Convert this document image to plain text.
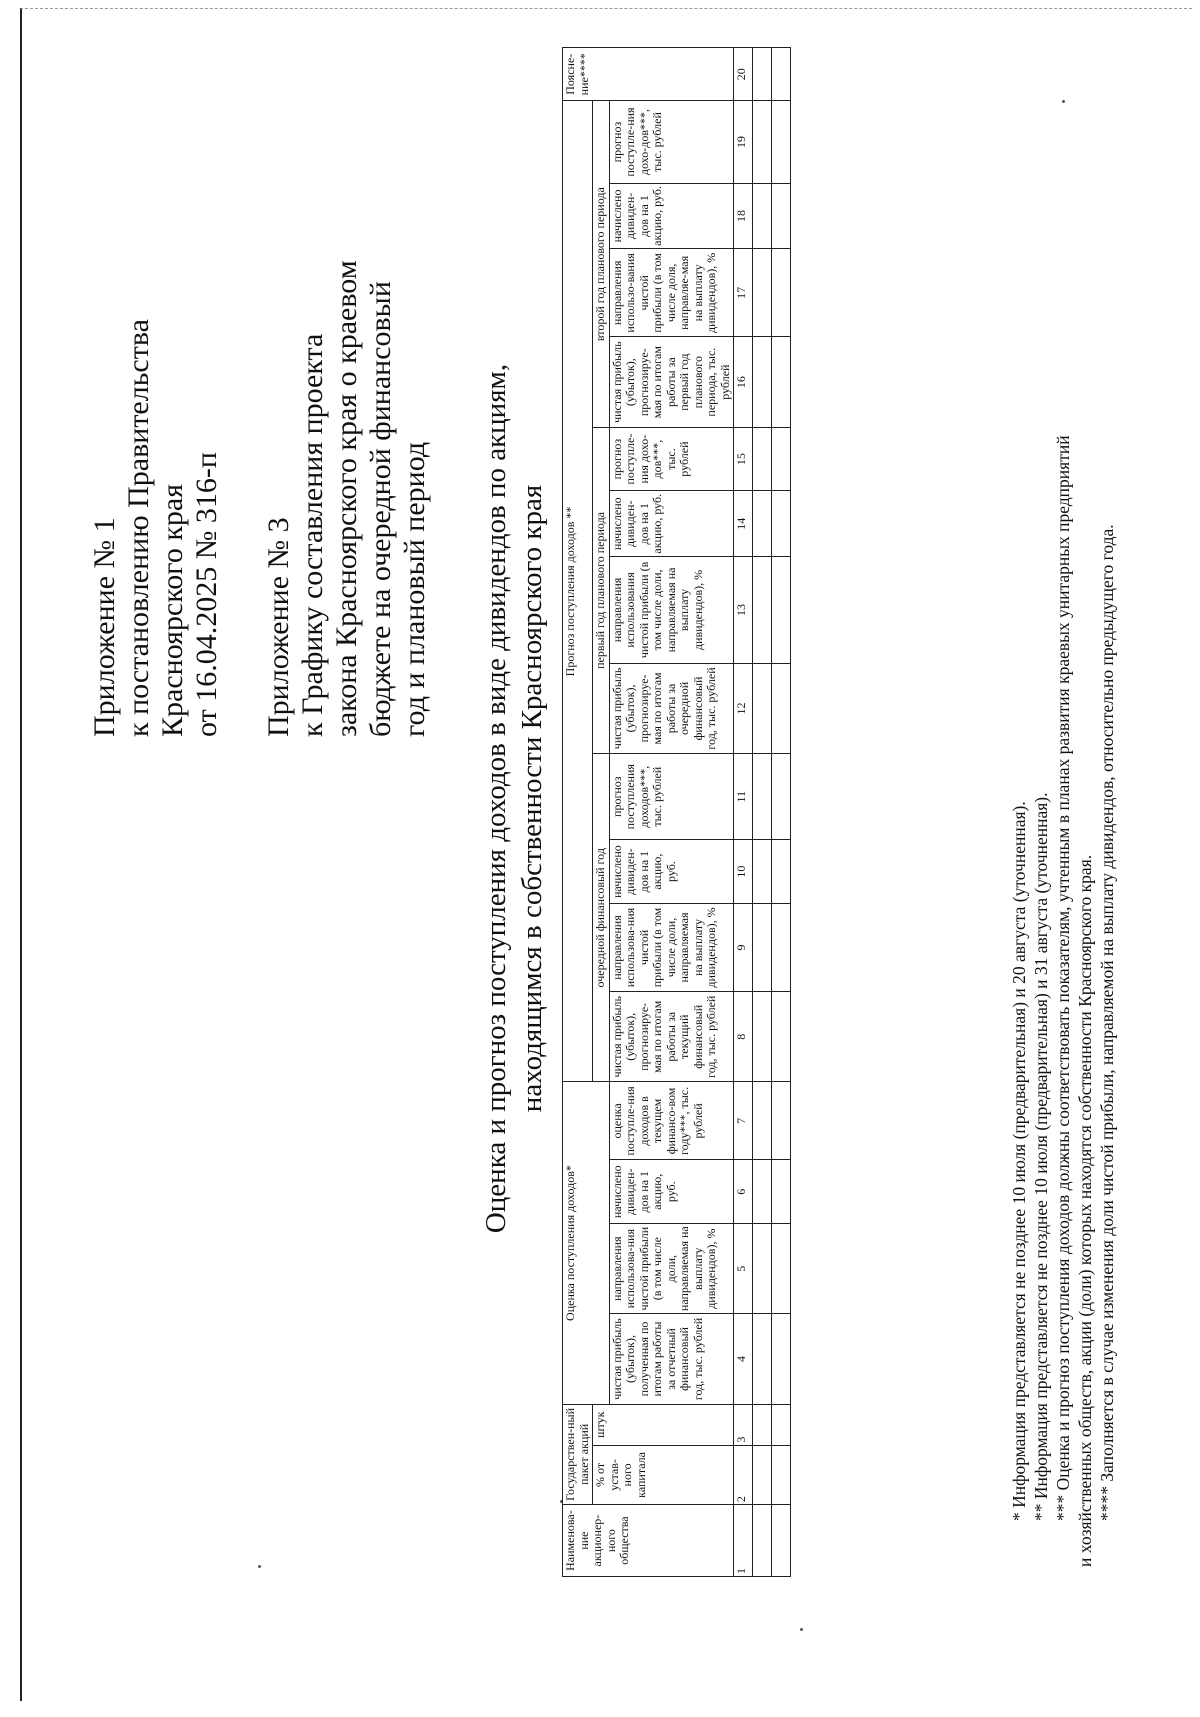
Приложение № 1 к постановлению Правительства Красноярского края от 16.04.2025 № 316-п Приложение № 3 к Графику составления проекта закона Красноярского края о краевом бюджете на очередной финансовый год и плановый период Оценка и прогноз поступления доходов в виде дивидендов по акциям, находящимся в собственности Красноярского края
Наименова-ние акционер-ного общества	Государствен-ный пакет акций		Оценка поступления доходов*				Прогноз поступления доходов **												Поясне-ние****
	% от устав-ного капитала	штук					очередной финансовый год				первый год планового периода				второй год планового периода				
			чистая прибыль (убыток), полученная по итогам работы за отчетный финансовый год, тыс. рублей	направления использова-ния чистой прибыли (в том числе доли, направляемая на выплату дивидендов), %	начислено дивиден-дов на 1 акцию, руб.	оценка поступле-ния доходов в текущем финансо-вом году***, тыс. рублей	чистая прибыль (убыток), прогнозируе-мая по итогам работы за текущий финансовый год, тыс. рублей	направления использова-ния чистой прибыли (в том числе доли, направляемая на выплату дивидендов), %	начислено дивиден-дов на 1 акцию, руб.	прогноз поступления доходов***, тыс. рублей	чистая прибыль (убыток), прогнозируе-мая по итогам работы за очередной финансовый год, тыс. рублей	направления использования чистой прибыли (в том числе доли, направляемая на выплату дивидендов), %	начислено дивиден-дов на 1 акцию, руб.	прогноз поступле-ния дохо-дов***, тыс. рублей	чистая прибыль (убыток), прогнозируе-мая по итогам работы за первый год планового периода, тыс. рублей	направления использо-вания чистой прибыли (в том числе доля, направляе-мая на выплату дивидендов), %	начислено дивиден-дов на 1 акцию, руб.	прогноз поступле-ния дохо-дов***, тыс. рублей	
1	2	3	4	5	6	7	8	9	10	11	12	13	14	15	16	17	18	19	20

* Информация представляется не позднее 10 июля (предварительная) и 20 августа (уточненная). ** Информация представляется не позднее 10 июля (предварительная) и 31 августа (уточненная). *** Оценка и прогноз поступления доходов должны соответствовать показателям, учтенным в планах развития краевых унитарных предприятий и хозяйственных обществ, акции (доли) которых находятся собственности Красноярского края. **** Заполняется в случае изменения доли чистой прибыли, направляемой на выплату дивидендов, относительно предыдущего года.
